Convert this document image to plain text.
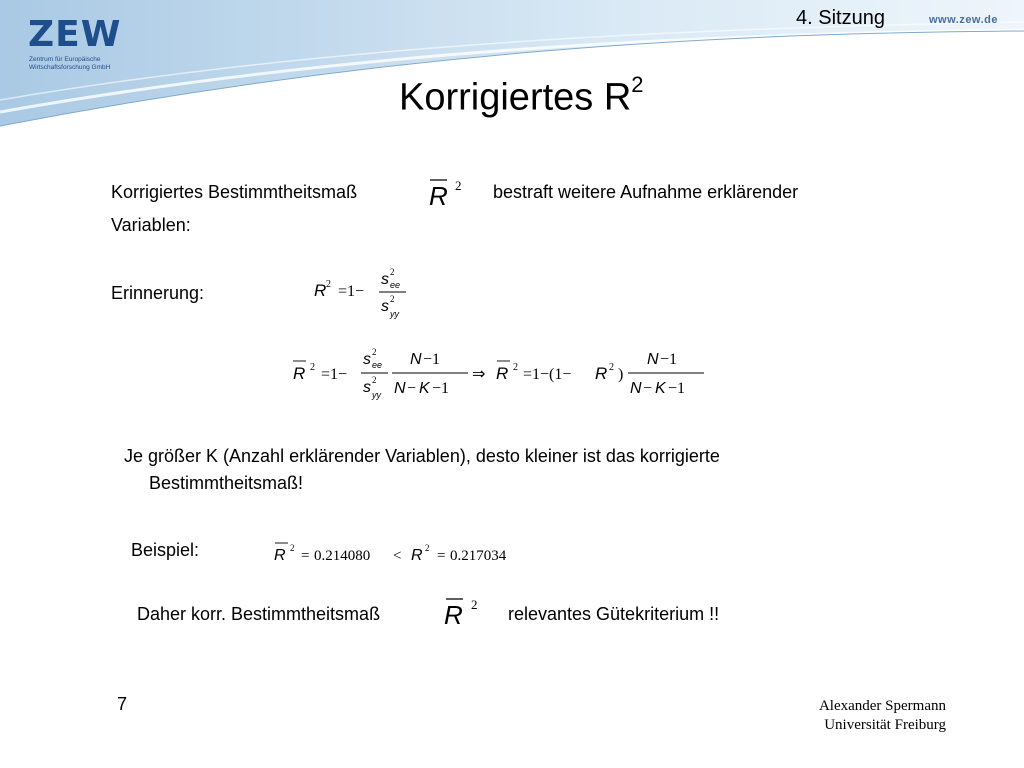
ZEW
Zentrum für Europäische
Wirtschaftsforschung GmbH
4. Sitzung	www.zew.de
Korrigiertes $R^2$
Korrigiertes Bestimmtheitsmaß	R 2 bestraft weitere Aufnahme erklärender
Variablen:
Erinnerung:	R 2 =1−
s 2
ee
s 2
yy
R 2 =1−
s 2
ee
s 2
yy
N −1
N − K −1
⇒ R 2 =1−(1− R 2 )
N −1
N − K −1
Je größer K (Anzahl erklärender Variablen), desto kleiner ist das korrigierte
Bestimmtheitsmaß!
Beispiel:	R 2 = 0.214080 < R 2 = 0.217034
Daher korr. Bestimmtheitsmaß R 2 relevantes Gütekriterium !!
7	Alexander Spermann
Universität Freiburg
